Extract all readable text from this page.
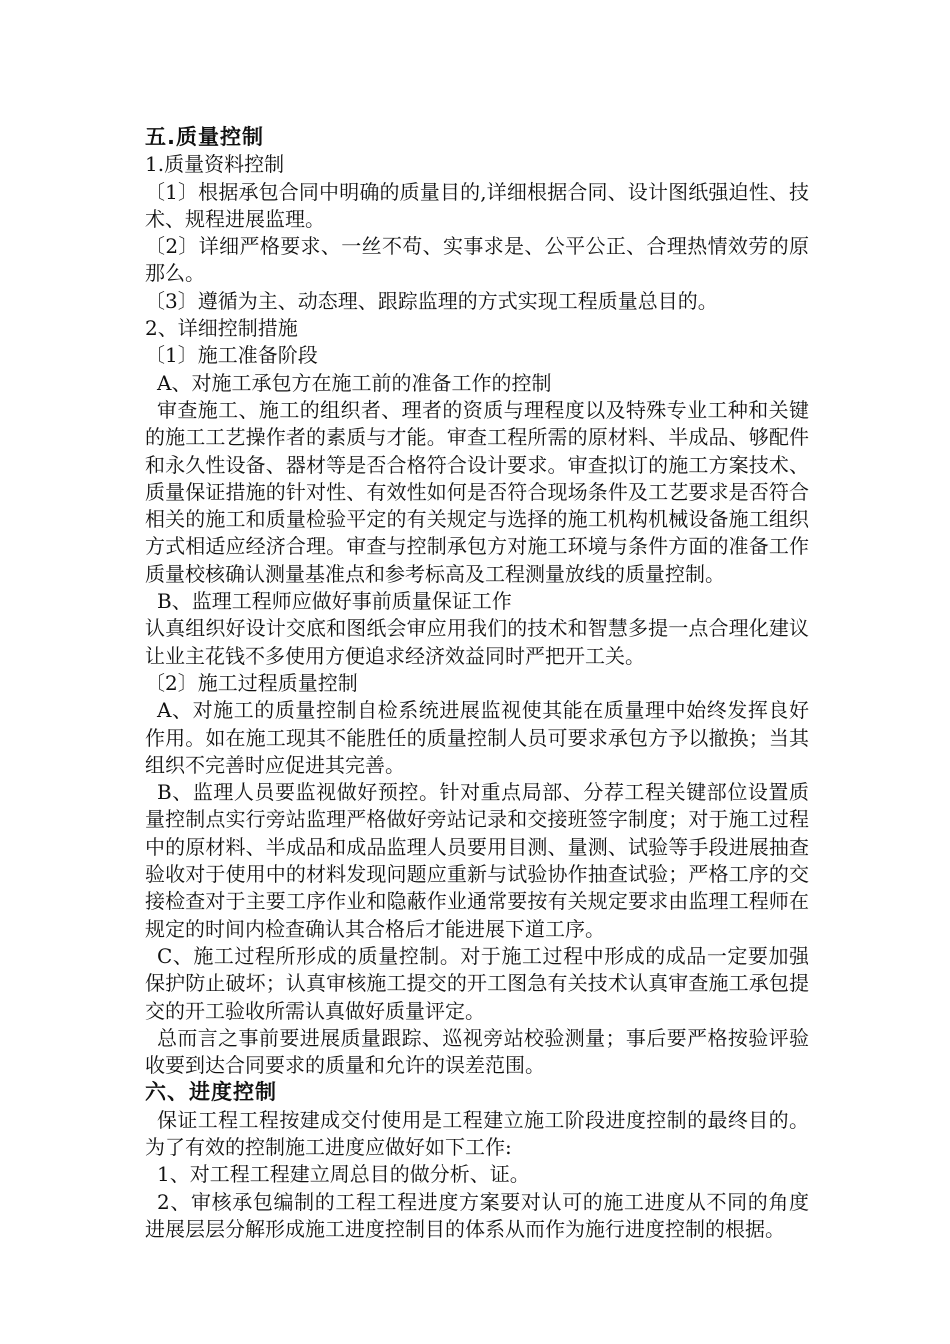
五.质量控制

1.质量资料控制

〔1〕根据承包合同中明确的质量目的,详细根据合同、设计图纸强迫性、技术、规程进展监理。

〔2〕详细严格要求、一丝不苟、实事求是、公平公正、合理热情效劳的原那么。

〔3〕遵循为主、动态理、跟踪监理的方式实现工程质量总目的。

2、详细控制措施

〔1〕施工准备阶段

A、对施工承包方在施工前的准备工作的控制

审查施工、施工的组织者、理者的资质与理程度以及特殊专业工种和关键的施工工艺操作者的素质与才能。审查工程所需的原材料、半成品、够配件和永久性设备、器材等是否合格符合设计要求。审查拟订的施工方案技术、质量保证措施的针对性、有效性如何是否符合现场条件及工艺要求是否符合相关的施工和质量检验平定的有关规定与选择的施工机构机械设备施工组织方式相适应经济合理。审查与控制承包方对施工环境与条件方面的准备工作质量校核确认测量基准点和参考标高及工程测量放线的质量控制。

B、监理工程师应做好事前质量保证工作

认真组织好设计交底和图纸会审应用我们的技术和智慧多提一点合理化建议让业主花钱不多使用方便追求经济效益同时严把开工关。

〔2〕施工过程质量控制

A、对施工的质量控制自检系统进展监视使其能在质量理中始终发挥良好作用。如在施工现其不能胜任的质量控制人员可要求承包方予以撤换；当其组织不完善时应促进其完善。

B、监理人员要监视做好预控。针对重点局部、分荐工程关键部位设置质量控制点实行旁站监理严格做好旁站记录和交接班签字制度；对于施工过程中的原材料、半成品和成品监理人员要用目测、量测、试验等手段进展抽查验收对于使用中的材料发现问题应重新与试验协作抽查试验；严格工序的交接检查对于主要工序作业和隐蔽作业通常要按有关规定要求由监理工程师在规定的时间内检查确认其合格后才能进展下道工序。

C、施工过程所形成的质量控制。对于施工过程中形成的成品一定要加强保护防止破坏；认真审核施工提交的开工图急有关技术认真审查施工承包提交的开工验收所需认真做好质量评定。

总而言之事前要进展质量跟踪、巡视旁站校验测量；事后要严格按验评验收要到达合同要求的质量和允许的误差范围。

六、进度控制

保证工程工程按建成交付使用是工程建立施工阶段进度控制的最终目的。为了有效的控制施工进度应做好如下工作:

1、对工程工程建立周总目的做分析、证。

2、审核承包编制的工程工程进度方案要对认可的施工进度从不同的角度进展层层分解形成施工进度控制目的体系从而作为施行进度控制的根据。
